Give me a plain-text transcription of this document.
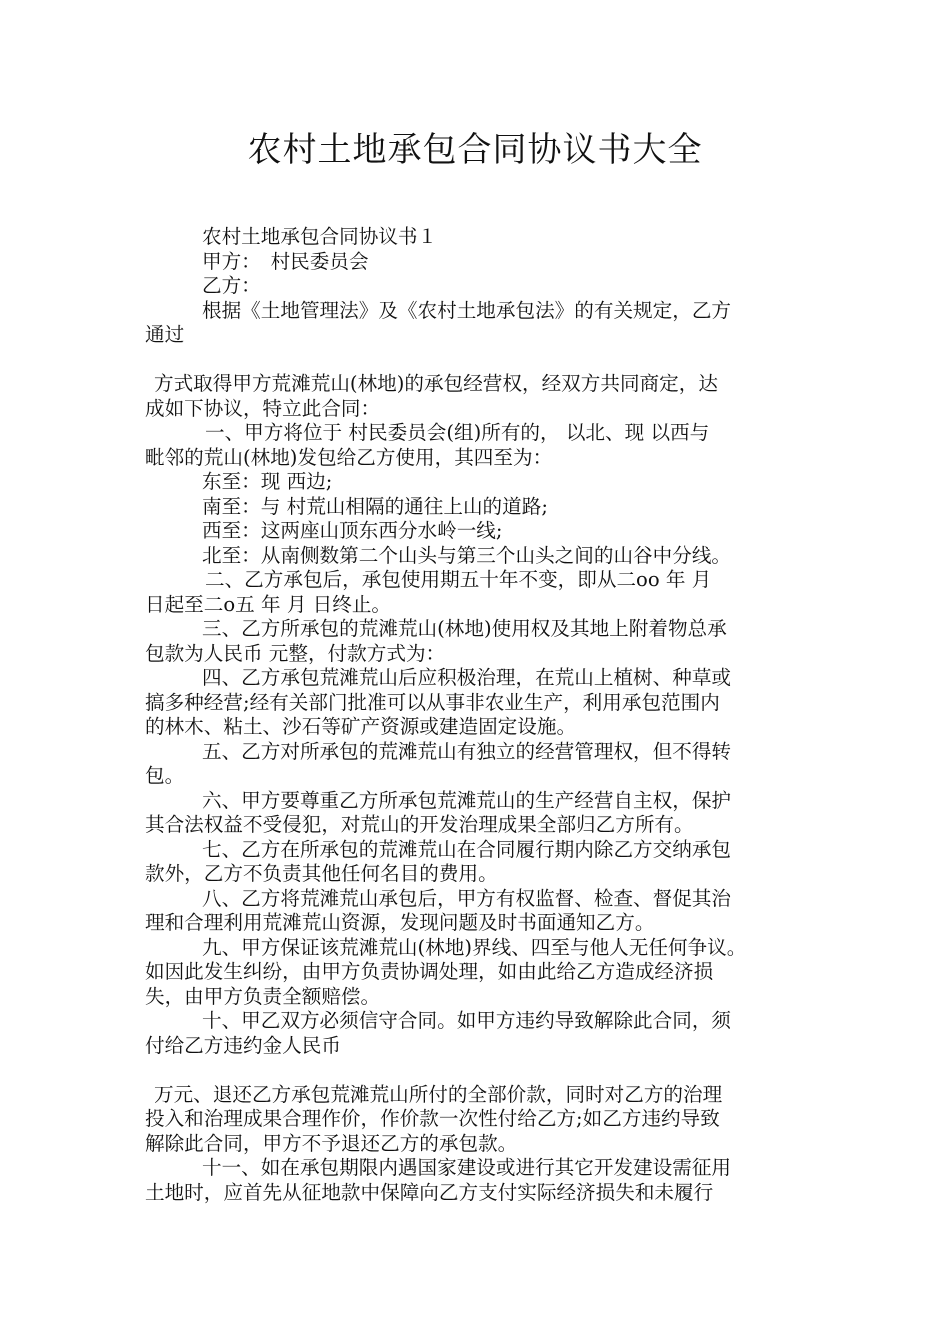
农村土地承包合同协议书大全
农村土地承包合同协议书１
甲方：　村民委员会
乙方：
根据《土地管理法》及《农村土地承包法》的有关规定，乙方
通过
方式取得甲方荒滩荒山(林地)的承包经营权，经双方共同商定，达
成如下协议，特立此合同：
一、甲方将位于 村民委员会(组)所有的， 以北、现 以西与
毗邻的荒山(林地)发包给乙方使用，其四至为：
东至：现 西边;
南至：与 村荒山相隔的通往上山的道路;
西至：这两座山顶东西分水岭一线;
北至：从南侧数第二个山头与第三个山头之间的山谷中分线。
二、乙方承包后，承包使用期五十年不变，即从二oo 年 月
日起至二o五 年 月 日终止。
三、乙方所承包的荒滩荒山(林地)使用权及其地上附着物总承
包款为人民币 元整，付款方式为：
四、乙方承包荒滩荒山后应积极治理，在荒山上植树、种草或
搞多种经营;经有关部门批准可以从事非农业生产，利用承包范围内
的林木、粘土、沙石等矿产资源或建造固定设施。
五、乙方对所承包的荒滩荒山有独立的经营管理权，但不得转
包。
六、甲方要尊重乙方所承包荒滩荒山的生产经营自主权，保护
其合法权益不受侵犯，对荒山的开发治理成果全部归乙方所有。
七、乙方在所承包的荒滩荒山在合同履行期内除乙方交纳承包
款外，乙方不负责其他任何名目的费用。
八、乙方将荒滩荒山承包后，甲方有权监督、检查、督促其治
理和合理利用荒滩荒山资源，发现问题及时书面通知乙方。
九、甲方保证该荒滩荒山(林地)界线、四至与他人无任何争议。
如因此发生纠纷，由甲方负责协调处理，如由此给乙方造成经济损
失，由甲方负责全额赔偿。
十、甲乙双方必须信守合同。如甲方违约导致解除此合同，须
付给乙方违约金人民币
万元、退还乙方承包荒滩荒山所付的全部价款，同时对乙方的治理
投入和治理成果合理作价，作价款一次性付给乙方;如乙方违约导致
解除此合同，甲方不予退还乙方的承包款。
十一、如在承包期限内遇国家建设或进行其它开发建设需征用
土地时，应首先从征地款中保障向乙方支付实际经济损失和未履行
